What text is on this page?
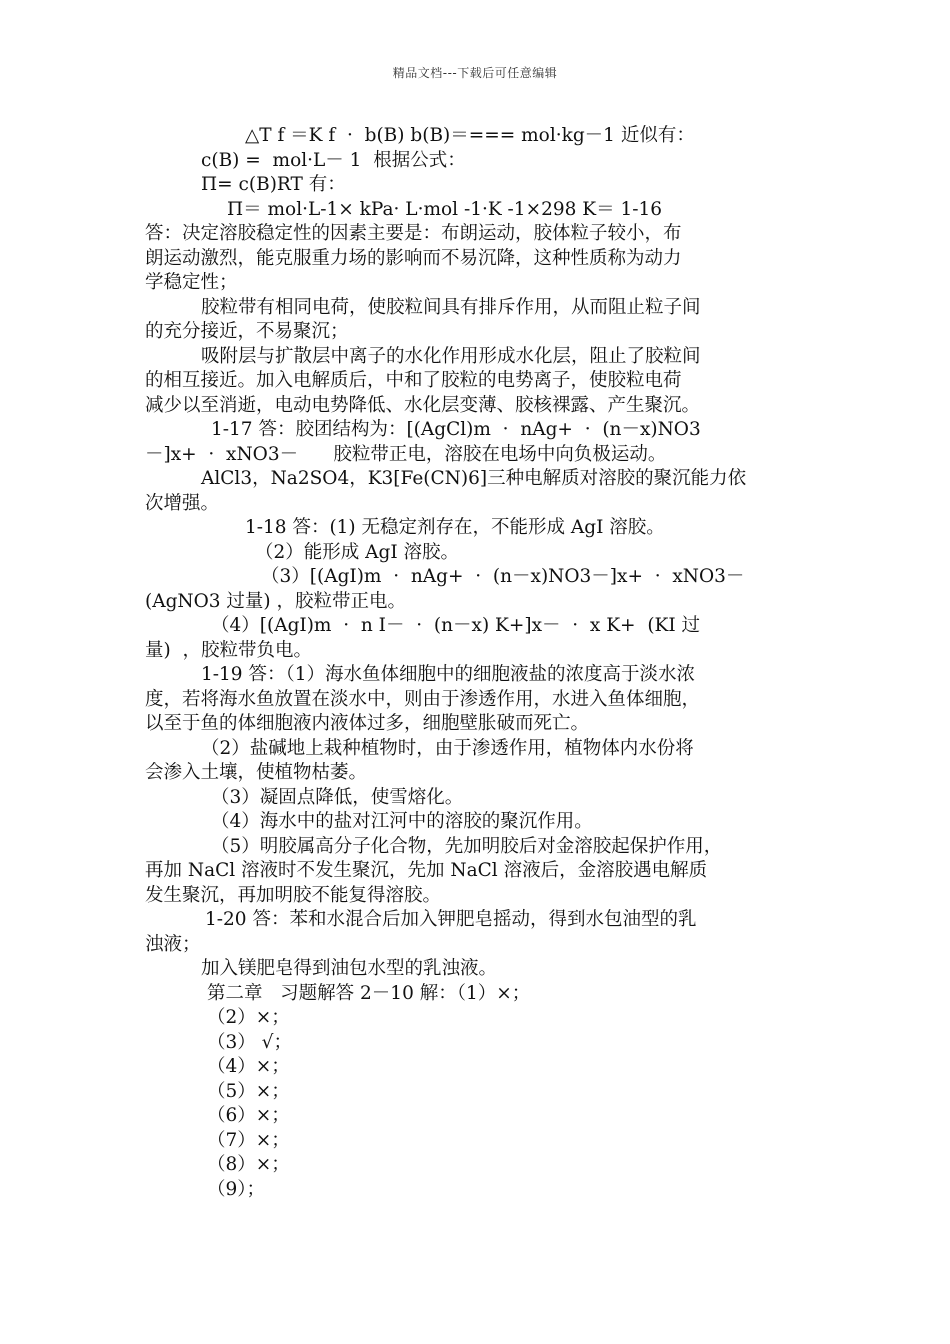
精品文档---下载后可任意编辑
△T f ＝K f  ·  b(B) b(B)＝=== mol·kg－1 近似有：
c(B) =  mol·L－ 1  根据公式：
Π= c(B)RT 有：
Π＝ mol·L-1× kPa· L·mol -1·K -1×298 K＝ 1-16
答：决定溶胶稳定性的因素主要是：布朗运动，胶体粒子较小，布
朗运动激烈，能克服重力场的影响而不易沉降，这种性质称为动力
学稳定性；
胶粒带有相同电荷，使胶粒间具有排斥作用，从而阻止粒子间
的充分接近，不易聚沉；
吸附层与扩散层中离子的水化作用形成水化层，阻止了胶粒间
的相互接近。加入电解质后，中和了胶粒的电势离子，使胶粒电荷
减少以至消逝，电动电势降低、水化层变薄、胶核裸露、产生聚沉。
1-17 答：胶团结构为：[(AgCl)m  ·  nAg+  ·  (n－x)NO3
－]x+  ·  xNO3－      胶粒带正电，溶胶在电场中向负极运动。
AlCl3，Na2SO4，K3[Fe(CN)6]三种电解质对溶胶的聚沉能力依
次增强。
1-18 答：(1) 无稳定剂存在，不能形成 AgI 溶胶。
（2）能形成 AgI 溶胶。
（3）[(AgI)m  ·  nAg+  ·  (n－x)NO3－]x+  ·  xNO3－
(AgNO3 过量) ，胶粒带正电。
（4）[(AgI)m  ·  n I－  ·  (n－x) K+]x－  ·  x K+  (KI 过
量)  ，胶粒带负电。
1-19 答：（1）海水鱼体细胞中的细胞液盐的浓度高于淡水浓
度，若将海水鱼放置在淡水中，则由于渗透作用，水进入鱼体细胞，
以至于鱼的体细胞液内液体过多，细胞壁胀破而死亡。
（2）盐碱地上栽种植物时，由于渗透作用，植物体内水份将
会渗入土壤，使植物枯萎。
（3）凝固点降低，使雪熔化。
（4）海水中的盐对江河中的溶胶的聚沉作用。
（5）明胶属高分子化合物，先加明胶后对金溶胶起保护作用，
再加 NaCl 溶液时不发生聚沉，先加 NaCl 溶液后，金溶胶遇电解质
发生聚沉，再加明胶不能复得溶胶。
1-20 答：苯和水混合后加入钾肥皂摇动，得到水包油型的乳
浊液；
加入镁肥皂得到油包水型的乳浊液。
第二章   习题解答 2－10 解：（1）×；
（2）×；
（3） √；
（4）×；
（5）×；
（6）×；
（7）×；
（8）×；
（9）；
